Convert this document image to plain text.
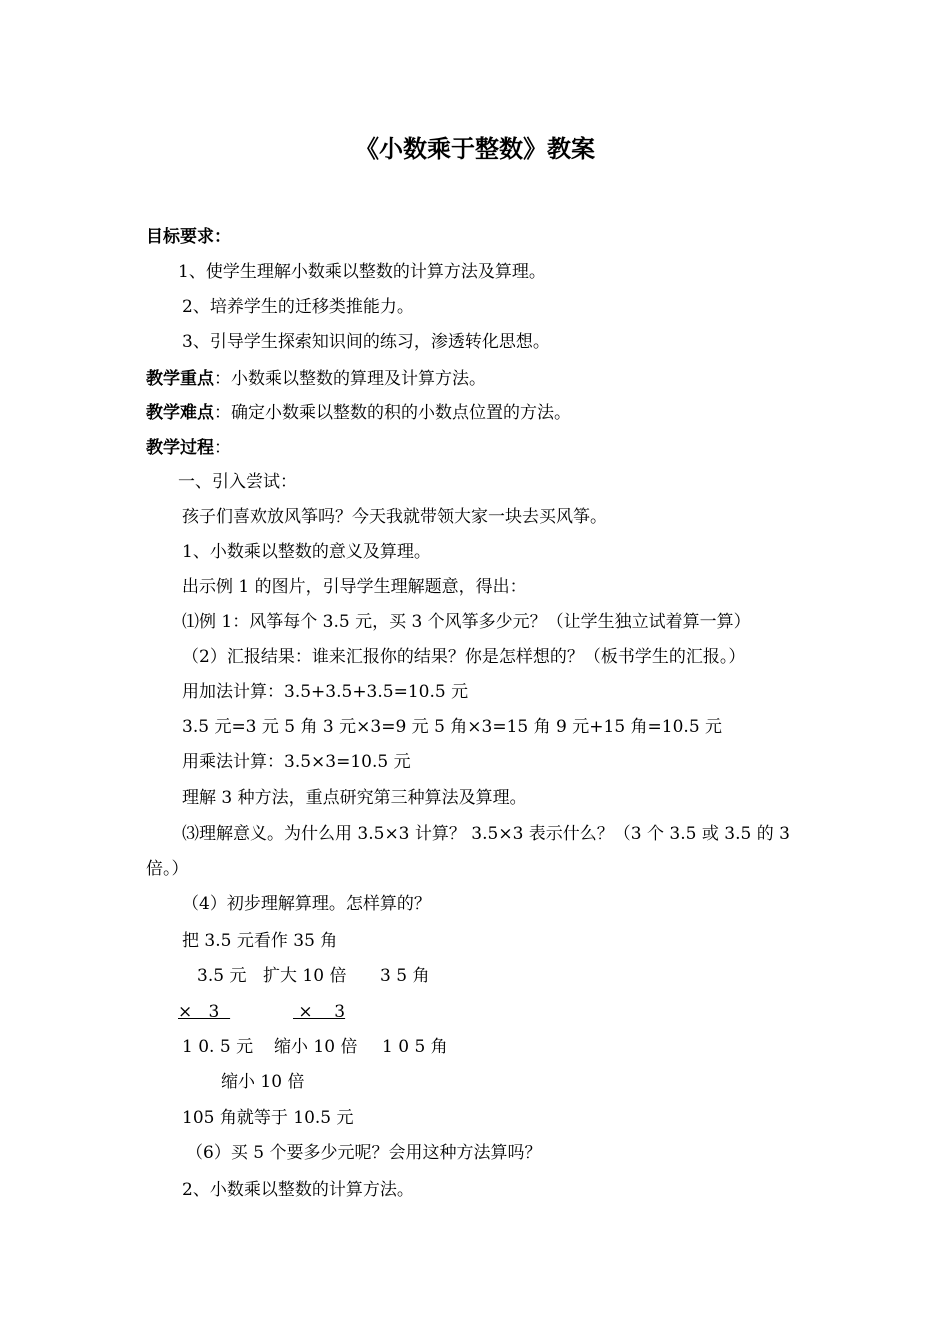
《小数乘于整数》教案
目标要求：
1、使学生理解小数乘以整数的计算方法及算理。
2、培养学生的迁移类推能力。
3、引导学生探索知识间的练习，渗透转化思想。
教学重点：小数乘以整数的算理及计算方法。
教学难点：确定小数乘以整数的积的小数点位置的方法。
教学过程：
一、引入尝试：
孩子们喜欢放风筝吗？今天我就带领大家一块去买风筝。
1、小数乘以整数的意义及算理。
出示例 1 的图片，引导学生理解题意，得出：
⑴例 1：风筝每个 3.5 元，买 3 个风筝多少元？（让学生独立试着算一算）
（2）汇报结果：谁来汇报你的结果？你是怎样想的？（板书学生的汇报。）
用加法计算：3.5+3.5+3.5=10.5 元
3.5 元=3 元 5 角 3 元×3=9 元 5 角×3=15 角 9 元+15 角=10.5 元
用乘法计算：3.5×3=10.5 元
理解 3 种方法，重点研究第三种算法及算理。
⑶理解意义。为什么用 3.5×3 计算？ 3.5×3 表示什么？（3 个 3.5 或 3.5 的 3
倍。）
（4）初步理解算理。怎样算的？
把 3.5 元看作 35 角
3.5 元 扩大 10 倍 3 5 角
×   3	×    3
1 0. 5 元 缩小 10 倍 1 0 5 角
缩小 10 倍
105 角就等于 10.5 元
（6）买 5 个要多少元呢？会用这种方法算吗？
2、小数乘以整数的计算方法。
